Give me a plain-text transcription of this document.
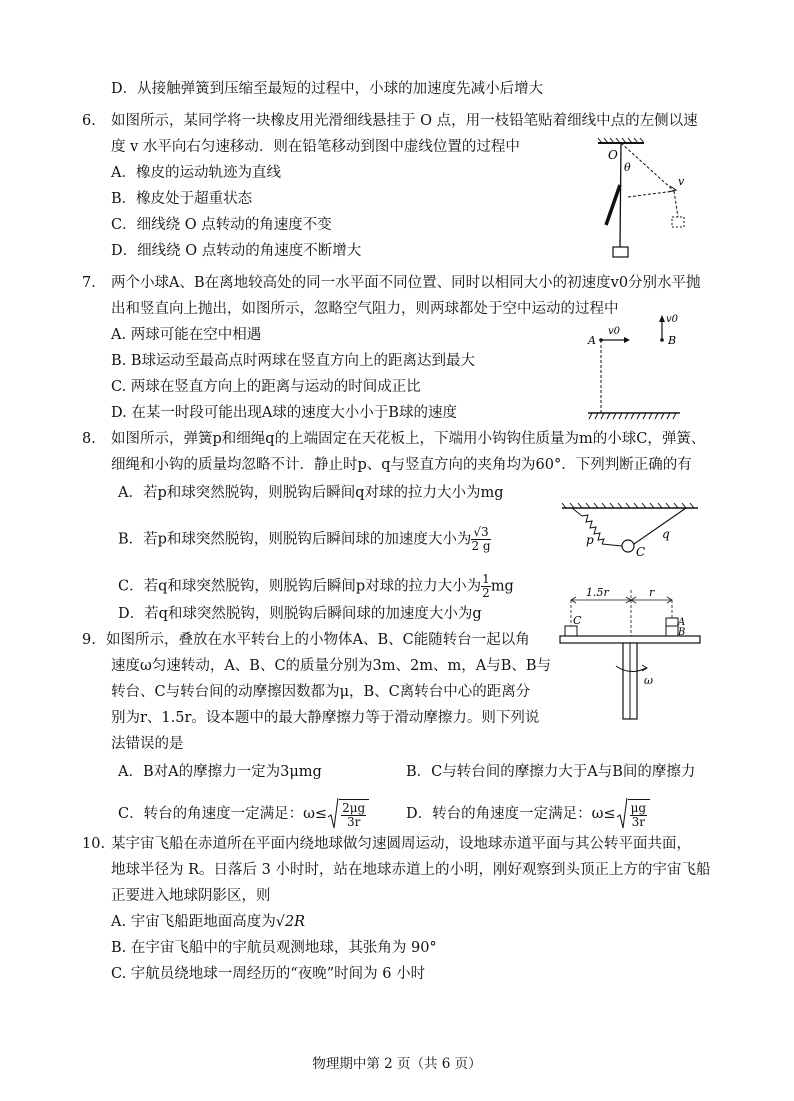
D．从接触弹簧到压缩至最短的过程中，小球的加速度先减小后增大
6. 如图所示，某同学将一块橡皮用光滑细线悬挂于 O 点，用一枝铅笔贴着细线中点的左侧以速
度 v 水平向右匀速移动．则在铅笔移动到图中虚线位置的过程中
A．橡皮的运动轨迹为直线
B．橡皮处于超重状态
C．细线绕 O 点转动的角速度不变
D．细线绕 O 点转动的角速度不断增大
O
θ
v
7. 两个小球A、B在离地较高处的同一水平面不同位置、同时以相同大小的初速度v0分别水平抛
出和竖直向上抛出，如图所示，忽略空气阻力，则两球都处于空中运动的过程中
A. 两球可能在空中相遇
B. B球运动至最高点时两球在竖直方向上的距离达到最大
C. 两球在竖直方向上的距离与运动的时间成正比
D. 在某一时段可能出现A球的速度大小小于B球的速度
A	B
v0
v0
8. 如图所示，弹簧p和细绳q的上端固定在天花板上，下端用小钩钩住质量为m的小球C，弹簧、
细绳和小钩的质量均忽略不计．静止时p、q与竖直方向的夹角均为60°．下列判断正确的有
A．若p和球突然脱钩，则脱钩后瞬间q对球的拉力大小为mg
B．若p和球突然脱钩，则脱钩后瞬间球的加速度大小为 $\frac{√3}{2 g}$
C．若q和球突然脱钩，则脱钩后瞬间p对球的拉力大小为 $\frac{1}{2}$ mg
D．若q和球突然脱钩，则脱钩后瞬间球的加速度大小为g
p	q
C
9. 如图所示，叠放在水平转台上的小物体A、B、C能随转台一起以角
速度ω匀速转动，A、B、C的质量分别为3m、2m、m，A与B、B与
转台、C与转台间的动摩擦因数都为μ，B、C离转台中心的距离分
别为r、1.5r。设本题中的最大静摩擦力等于滑动摩擦力。则下列说
法错误的是
A．B对A的摩擦力一定为3μmg	B．C与转台间的摩擦力大于A与B间的摩擦力
C．转台的角速度一定满足：$\omega\le \frac{2\mu g}{3r}$	D．转台的角速度一定满足：$\omega\le \frac{\mu g}{3r}$
1.5r	r
C	A
B
ω
10. 某宇宙飞船在赤道所在平面内绕地球做匀速圆周运动，设地球赤道平面与其公转平面共面，
地球半径为 R。日落后 3 小时时，站在地球赤道上的小明，刚好观察到头顶正上方的宇宙飞船
正要进入地球阴影区，则
A. 宇宙飞船距地面高度为√2R
B. 在宇宙飞船中的宇航员观测地球，其张角为 90°
C. 宇航员绕地球一周经历的“夜晚”时间为 6 小时
物理期中第 2 页（共 6 页）
